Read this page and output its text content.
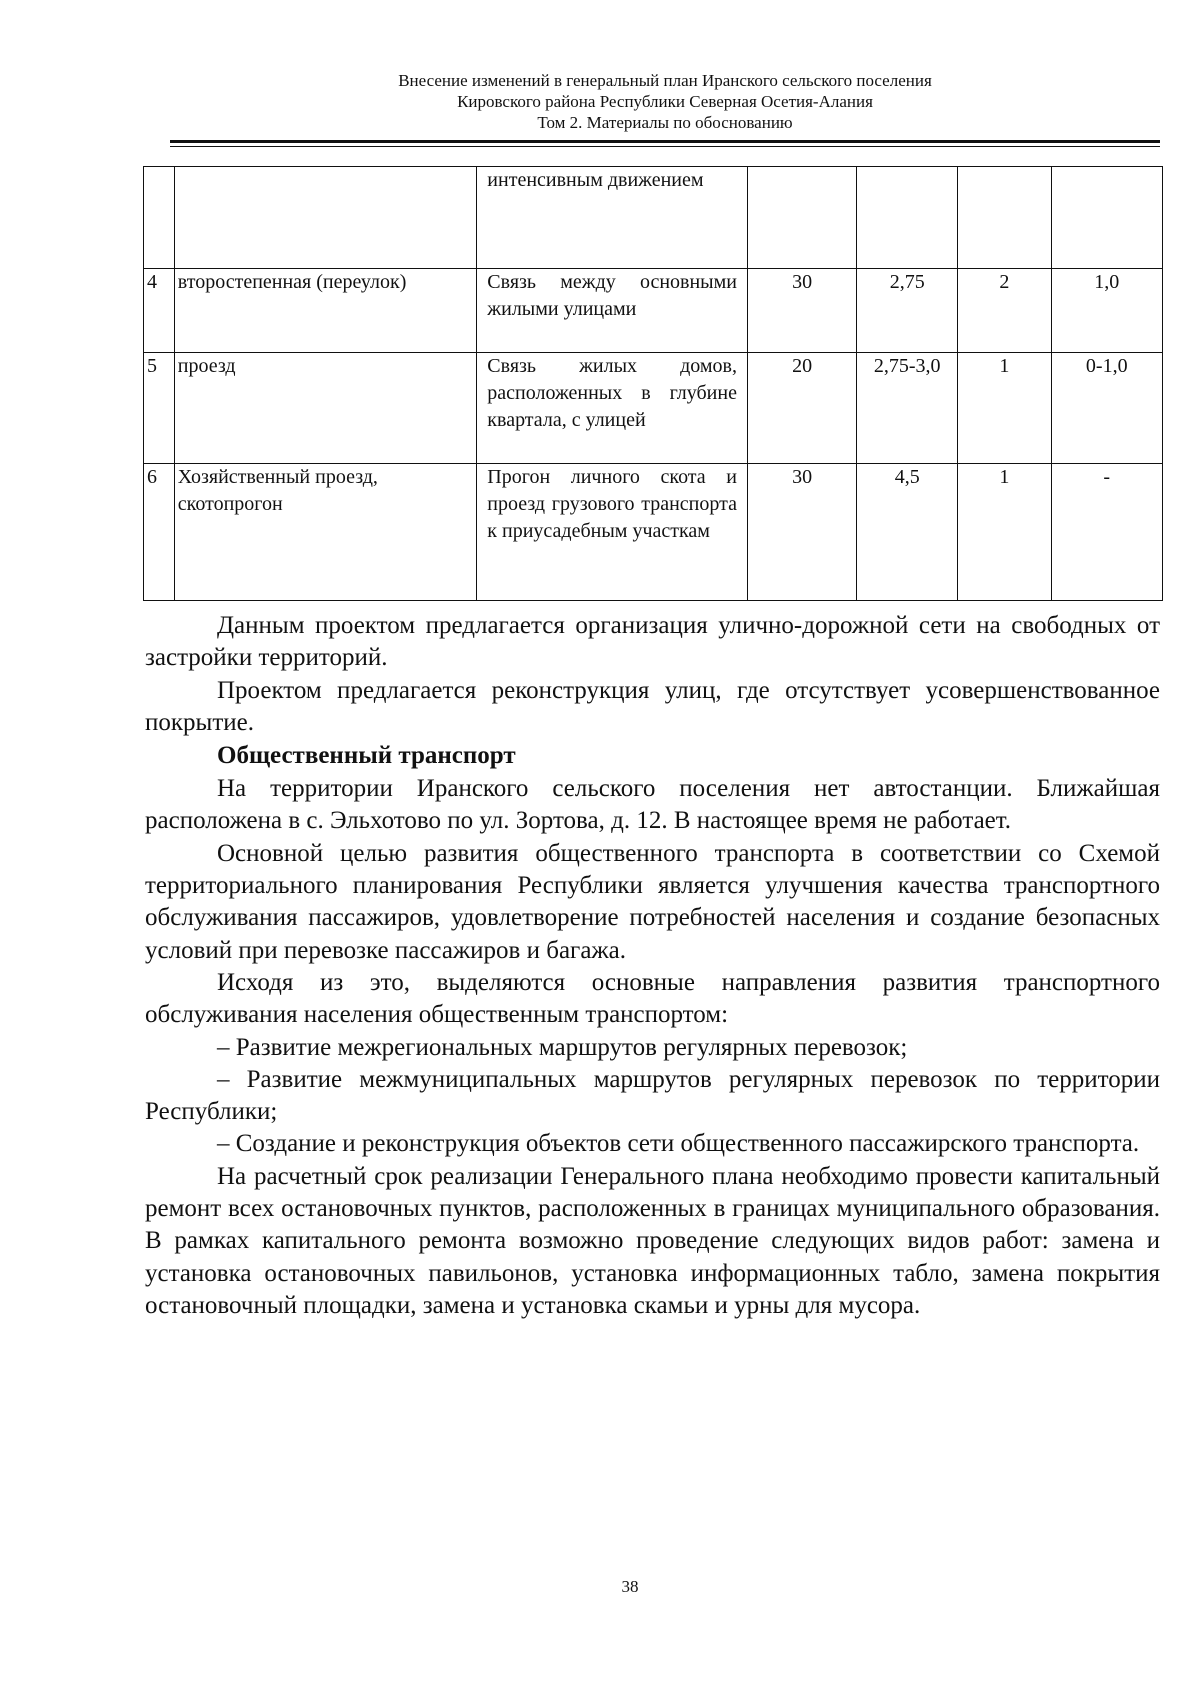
Внесение изменений в генеральный план Иранского сельского поселения
Кировского района Республики Северная Осетия-Алания
Том 2. Материалы по обоснованию
		интенсивным движением				
4	второстепенная (переулок)	Связь между основными жилыми улицами	30	2,75	2	1,0
5	проезд	Связь жилых домов, расположенных в глубине квартала, с улицей	20	2,75-3,0	1	0-1,0
6	Хозяйственный проезд, скотопрогон	Прогон личного скота и проезд грузового транспорта к приусадебным участкам	30	4,5	1	-

Данным проектом предлагается организация улично-дорожной сети на свободных от застройки территорий.

Проектом предлагается реконструкция улиц, где отсутствует усовершенствованное покрытие.

Общественный транспорт

На территории Иранского сельского поселения нет автостанции. Ближайшая расположена в с. Эльхотово по ул. Зортова, д. 12. В настоящее время не работает.

Основной целью развития общественного транспорта в соответствии со Схемой территориального планирования Республики является улучшения качества транспортного обслуживания пассажиров, удовлетворение потребностей населения и создание безопасных условий при перевозке пассажиров и багажа.

Исходя из это, выделяются основные направления развития транспортного обслуживания населения общественным транспортом:

– Развитие межрегиональных маршрутов регулярных перевозок;

– Развитие межмуниципальных маршрутов регулярных перевозок по территории Республики;

– Создание и реконструкция объектов сети общественного пассажирского транспорта.

На расчетный срок реализации Генерального плана необходимо провести капитальный ремонт всех остановочных пунктов, расположенных в границах муниципального образования. В рамках капитального ремонта возможно проведение следующих видов работ: замена и установка остановочных павильонов, установка информационных табло, замена покрытия остановочный площадки, замена и установка скамьи и урны для мусора.

38
